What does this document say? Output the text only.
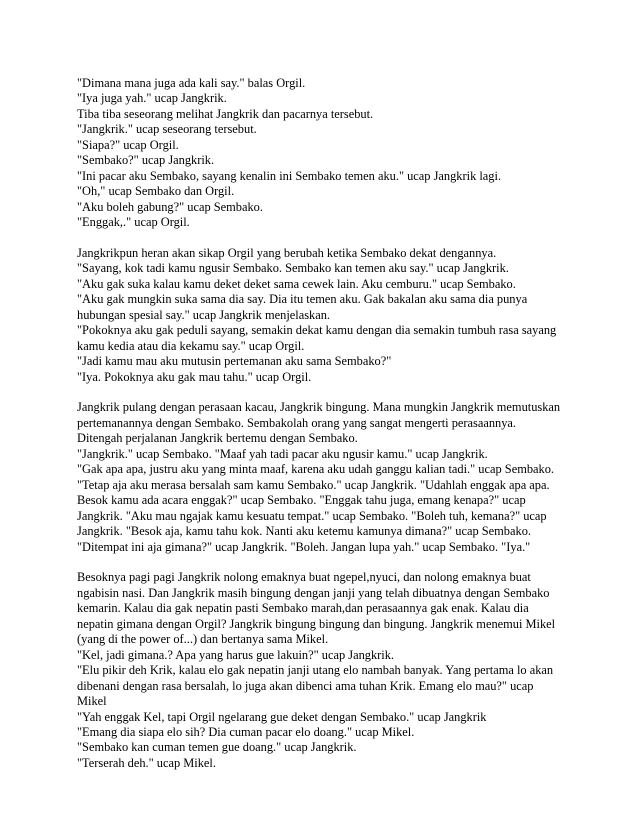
"Dimana mana juga ada kali say." balas Orgil.
"Iya juga yah." ucap Jangkrik.
Tiba tiba seseorang melihat Jangkrik dan pacarnya tersebut.
"Jangkrik." ucap seseorang tersebut.
"Siapa?" ucap Orgil.
"Sembako?" ucap Jangkrik.
"Ini pacar aku Sembako, sayang kenalin ini Sembako temen aku." ucap Jangkrik lagi.
"Oh," ucap Sembako dan Orgil.
"Aku boleh gabung?" ucap Sembako.
"Enggak,." ucap Orgil.
Jangkrikpun heran akan sikap Orgil yang berubah ketika Sembako dekat dengannya.
"Sayang, kok tadi kamu ngusir Sembako. Sembako kan temen aku say." ucap Jangkrik.
"Aku gak suka kalau kamu deket deket sama cewek lain. Aku cemburu." ucap Sembako.
"Aku gak mungkin suka sama dia say. Dia itu temen aku. Gak bakalan aku sama dia punya
hubungan spesial say." ucap Jangkrik menjelaskan.
"Pokoknya aku gak peduli sayang, semakin dekat kamu dengan dia semakin tumbuh rasa sayang
kamu kedia atau dia kekamu say." ucap Orgil.
"Jadi kamu mau aku mutusin pertemanan aku sama Sembako?"
"Iya. Pokoknya aku gak mau tahu." ucap Orgil.
Jangkrik pulang dengan perasaan kacau, Jangkrik bingung. Mana mungkin Jangkrik memutuskan
pertemanannya dengan Sembako. Sembakolah orang yang sangat mengerti perasaannya.
Ditengah perjalanan Jangkrik bertemu dengan Sembako.
"Jangkrik." ucap Sembako. "Maaf yah tadi pacar aku ngusir kamu." ucap Jangkrik.
"Gak apa apa, justru aku yang minta maaf, karena aku udah ganggu kalian tadi." ucap Sembako.
"Tetap aja aku merasa bersalah sam kamu Sembako." ucap Jangkrik. "Udahlah enggak apa apa.
Besok kamu ada acara enggak?" ucap Sembako. "Enggak tahu juga, emang kenapa?" ucap
Jangkrik. "Aku mau ngajak kamu kesuatu tempat." ucap Sembako. "Boleh tuh, kemana?" ucap
Jangkrik. "Besok aja, kamu tahu kok. Nanti aku ketemu kamunya dimana?" ucap Sembako.
"Ditempat ini aja gimana?" ucap Jangkrik. "Boleh. Jangan lupa yah." ucap Sembako. "Iya."
Besoknya pagi pagi Jangkrik nolong emaknya buat ngepel,nyuci, dan nolong emaknya buat
ngabisin nasi. Dan Jangkrik masih bingung dengan janji yang telah dibuatnya dengan Sembako
kemarin. Kalau dia gak nepatin pasti Sembako marah,dan perasaannya gak enak. Kalau dia
nepatin gimana dengan Orgil? Jangkrik bingung bingung dan bingung. Jangkrik menemui Mikel
(yang di the power of...) dan bertanya sama Mikel.
"Kel, jadi gimana.? Apa yang harus gue lakuin?" ucap Jangkrik.
"Elu pikir deh Krik, kalau elo gak nepatin janji utang elo nambah banyak. Yang pertama lo akan
dibenani dengan rasa bersalah, lo juga akan dibenci ama tuhan Krik. Emang elo mau?" ucap
Mikel
"Yah enggak Kel, tapi Orgil ngelarang gue deket dengan Sembako." ucap Jangkrik
"Emang dia siapa elo sih? Dia cuman pacar elo doang." ucap Mikel.
"Sembako kan cuman temen gue doang." ucap Jangkrik.
"Terserah deh." ucap Mikel.
